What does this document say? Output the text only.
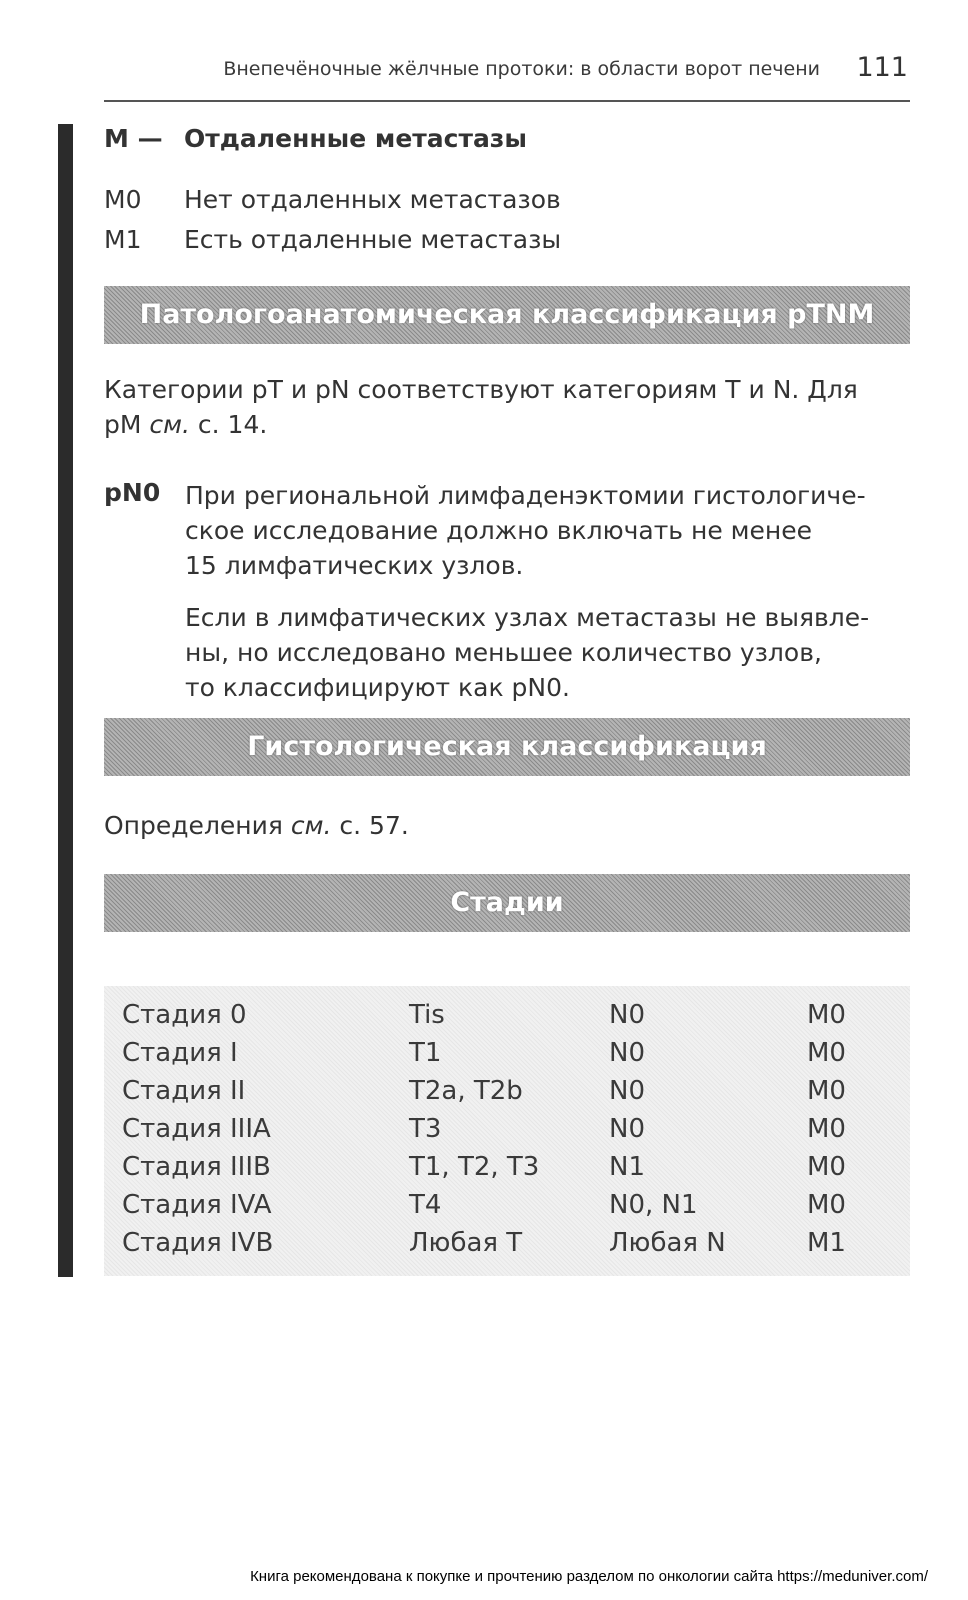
Внепечёночные жёлчные протоки: в области ворот печени 111
М — Отдаленные метастазы
М0 Нет отдаленных метастазов
М1 Есть отдаленные метастазы
Патологоанатомическая классификация pTNM
Категории pT и pN соответствуют категориям T и N. Для
pM см. с. 14.
pN0 При региональной лимфаденэктомии гистологиче-
ское исследование должно включать не менее
15 лимфатических узлов.
Если в лимфатических узлах метастазы не выявле-
ны, но исследовано меньшее количество узлов,
то классифицируют как pN0.
Гистологическая классификация
Определения см. с. 57.
Стадии
Стадия 0	Tis	N0	M0
Стадия I	T1	N0	M0
Стадия II	T2a, T2b	N0	M0
Стадия IIIA	T3	N0	M0
Стадия IIIB	T1, T2, T3	N1	M0
Стадия IVA	T4	N0, N1	M0
Стадия IVB	Любая T	Любая N	M1
Книга рекомендована к покупке и прочтению разделом по онкологии сайта https://meduniver.com/
